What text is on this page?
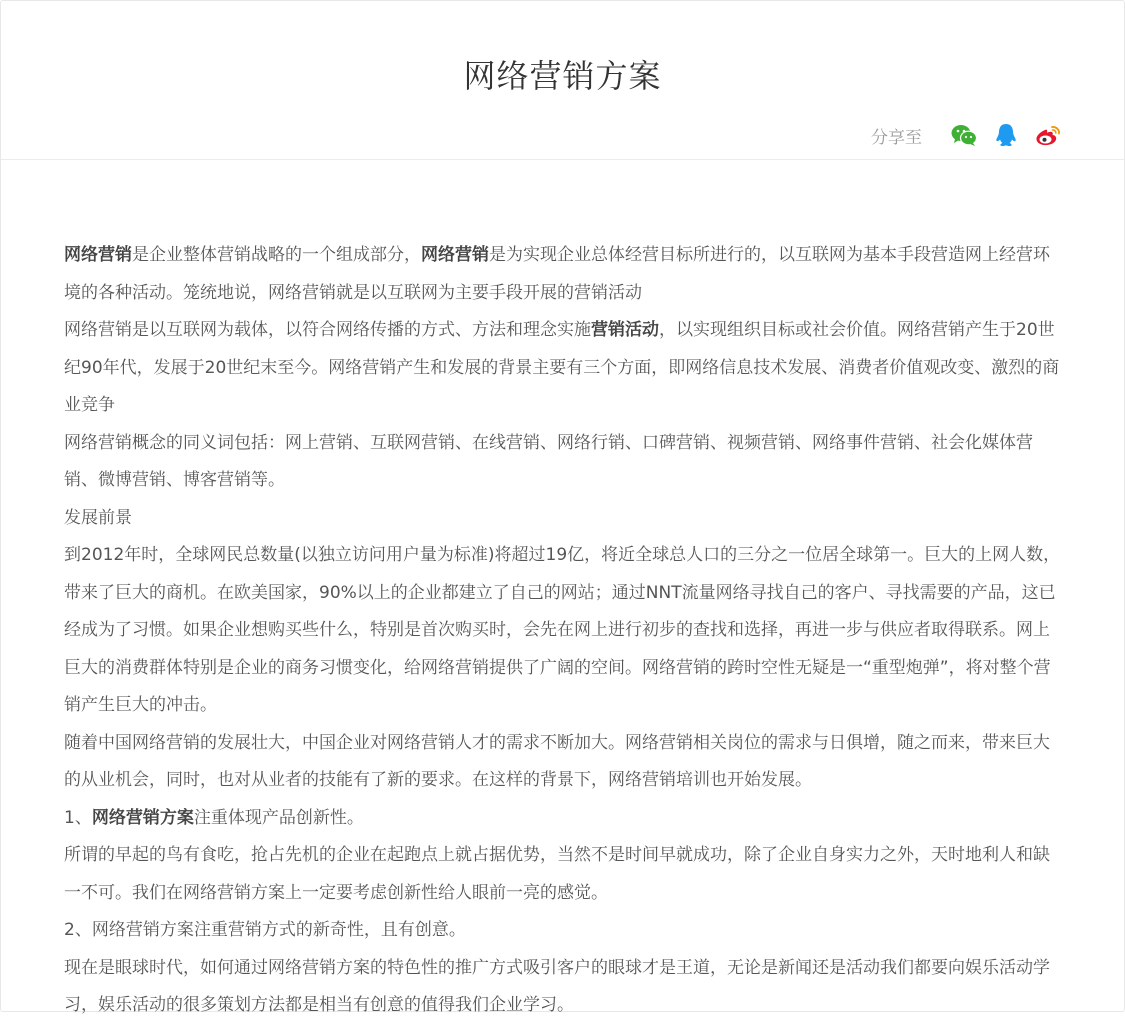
网络营销方案
分享至

网络营销是企业整体营销战略的一个组成部分，网络营销是为实现企业总体经营目标所进行的，以互联网为基本手段营造网上经营环境的各种活动。笼统地说，网络营销就是以互联网为主要手段开展的营销活动

网络营销是以互联网为载体，以符合网络传播的方式、方法和理念实施营销活动，以实现组织目标或社会价值。网络营销产生于20世纪90年代，发展于20世纪末至今。网络营销产生和发展的背景主要有三个方面，即网络信息技术发展、消费者价值观改变、激烈的商业竞争

网络营销概念的同义词包括：网上营销、互联网营销、在线营销、网络行销、口碑营销、视频营销、网络事件营销、社会化媒体营销、微博营销、博客营销等。

发展前景

到2012年时，全球网民总数量(以独立访问用户量为标准)将超过19亿，将近全球总人口的三分之一位居全球第一。巨大的上网人数，带来了巨大的商机。在欧美国家，90%以上的企业都建立了自己的网站；通过NNT流量网络寻找自己的客户、寻找需要的产品，这已经成为了习惯。如果企业想购买些什么，特别是首次购买时，会先在网上进行初步的查找和选择，再进一步与供应者取得联系。网上巨大的消费群体特别是企业的商务习惯变化，给网络营销提供了广阔的空间。网络营销的跨时空性无疑是一“重型炮弹”，将对整个营销产生巨大的冲击。

随着中国网络营销的发展壮大，中国企业对网络营销人才的需求不断加大。网络营销相关岗位的需求与日俱增，随之而来，带来巨大的从业机会，同时，也对从业者的技能有了新的要求。在这样的背景下，网络营销培训也开始发展。

1、网络营销方案注重体现产品创新性。

所谓的早起的鸟有食吃，抢占先机的企业在起跑点上就占据优势，当然不是时间早就成功，除了企业自身实力之外，天时地利人和缺一不可。我们在网络营销方案上一定要考虑创新性给人眼前一亮的感觉。

2、网络营销方案注重营销方式的新奇性，且有创意。

现在是眼球时代，如何通过网络营销方案的特色性的推广方式吸引客户的眼球才是王道，无论是新闻还是活动我们都要向娱乐活动学习，娱乐活动的很多策划方法都是相当有创意的值得我们企业学习。
